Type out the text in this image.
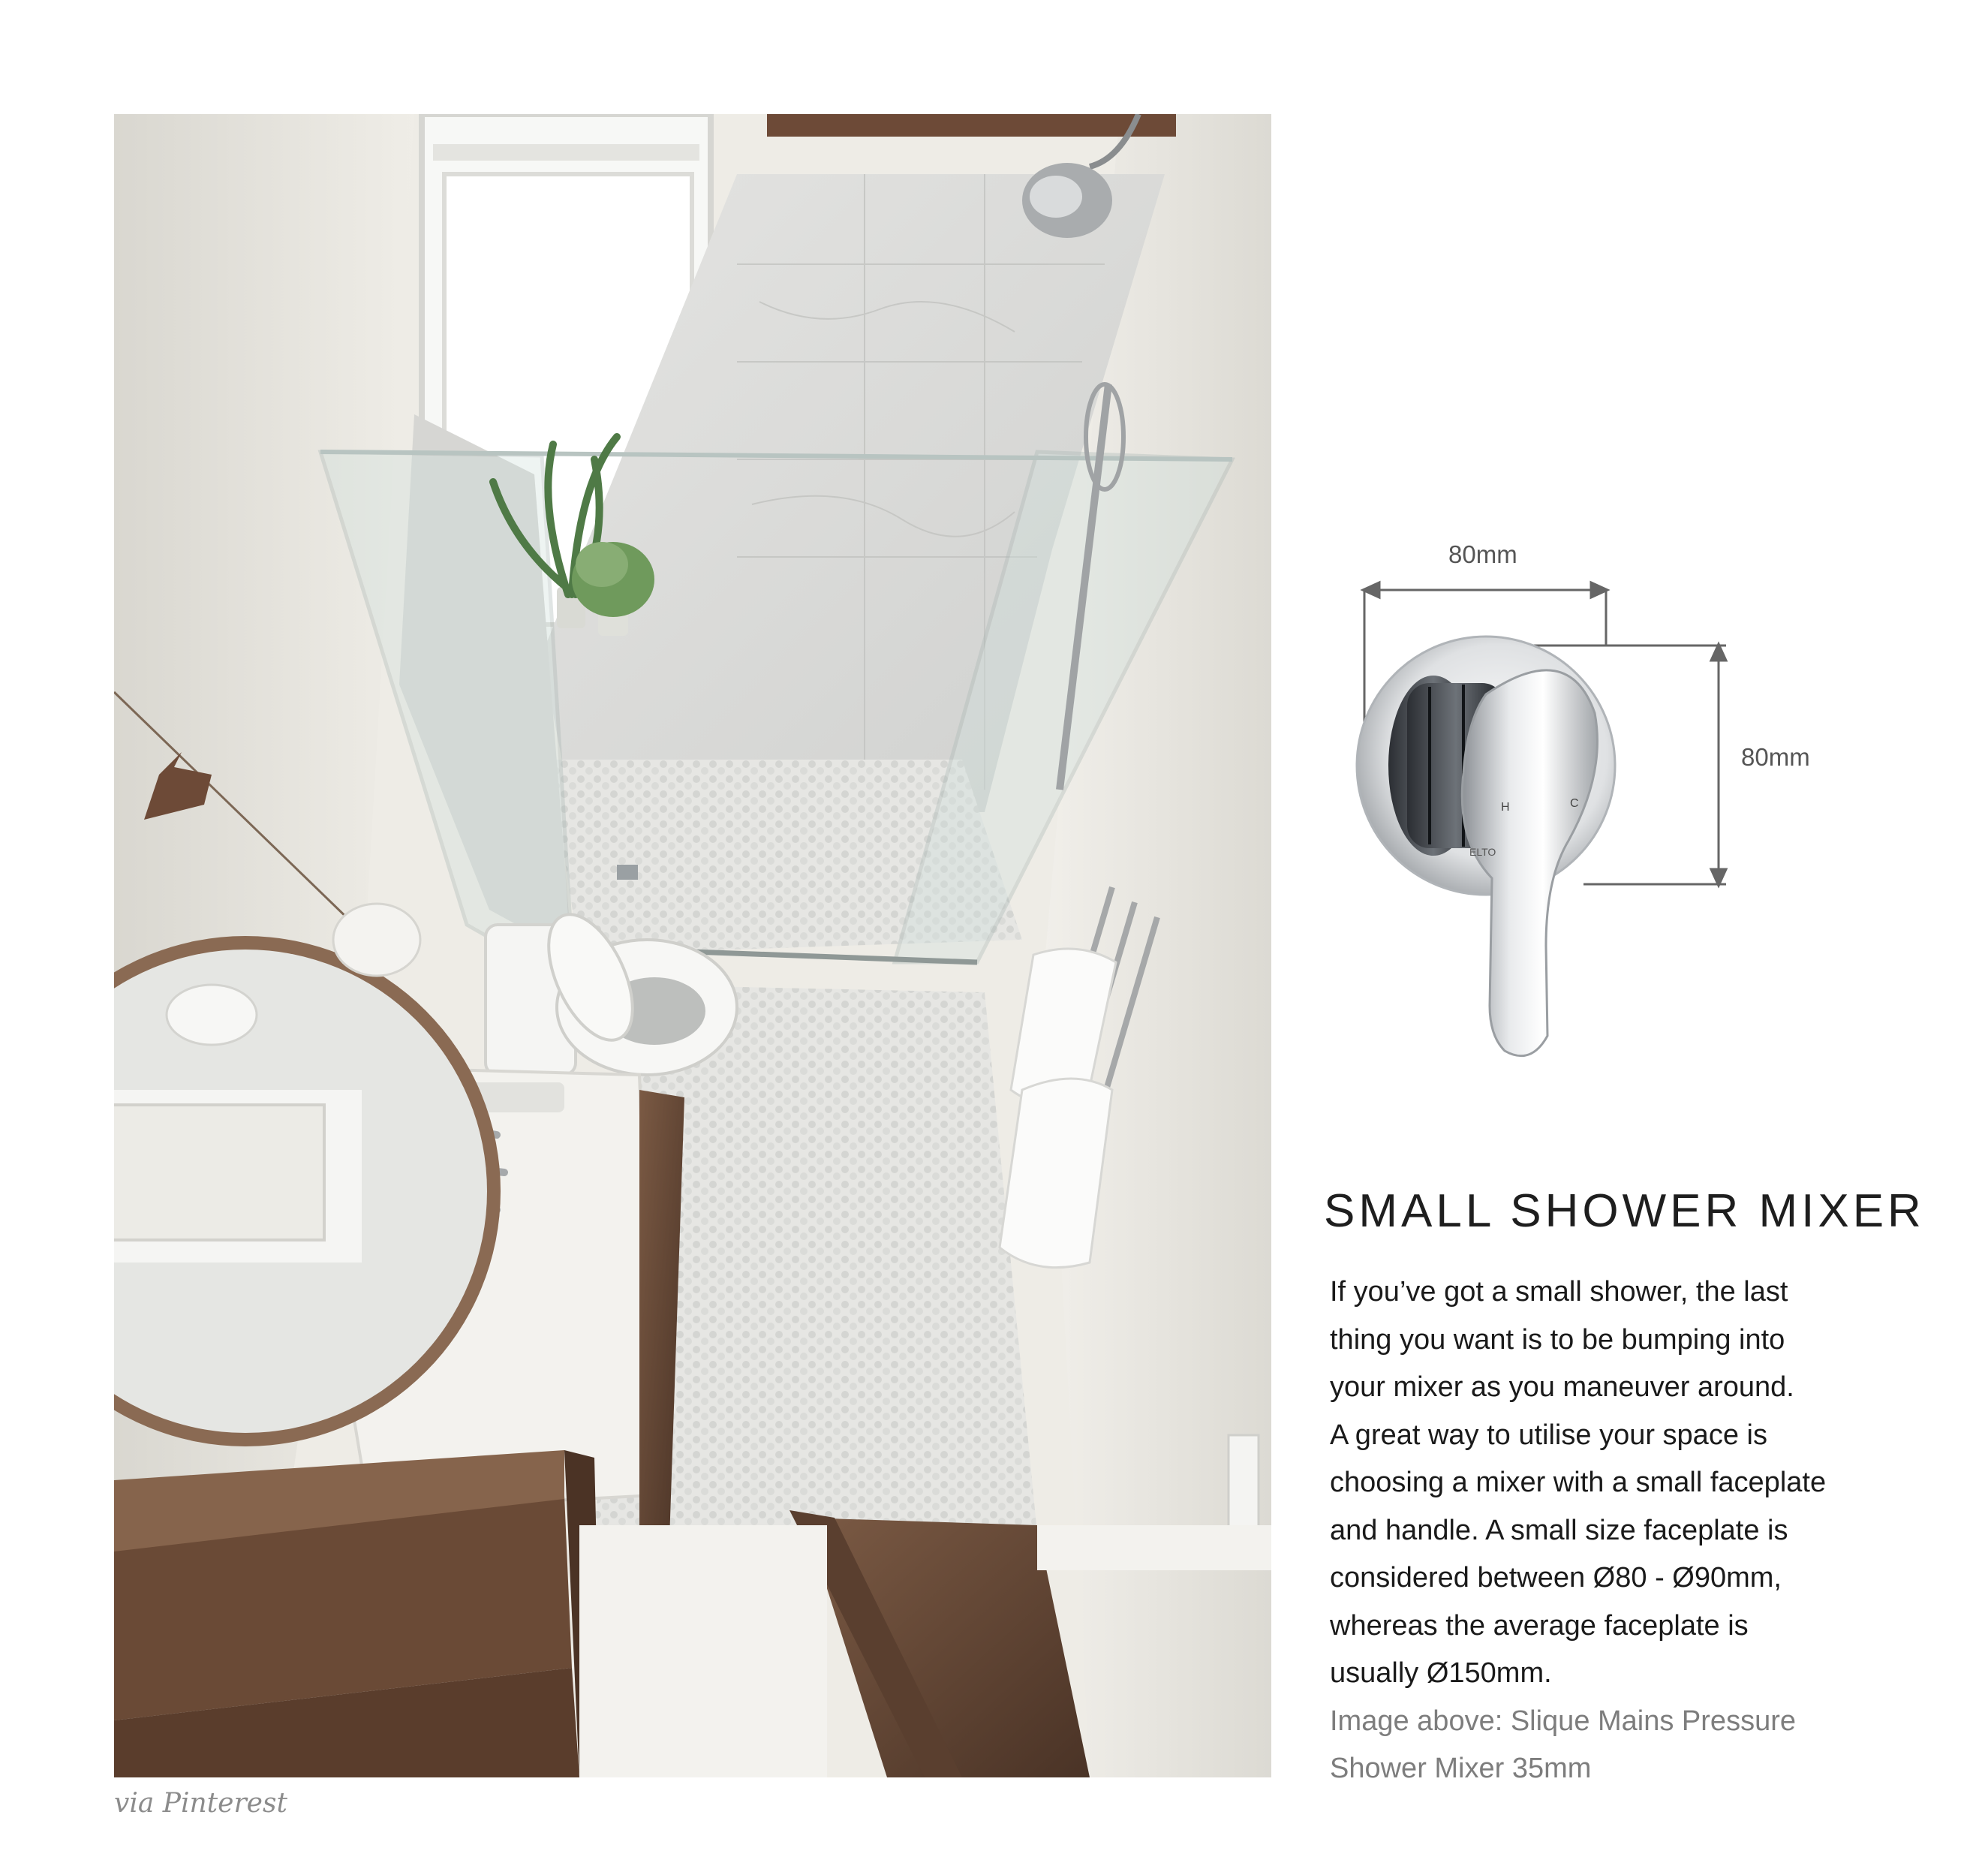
via Pinterest
H	C
ELTO
80mm
80mm
SMALL SHOWER MIXER
If you’ve got a small shower, the last
thing you want is to be bumping into
your mixer as you maneuver around.
A great way to utilise your space is
choosing a mixer with a small faceplate
and handle. A small size faceplate is
considered between Ø80 - Ø90mm,
whereas the average faceplate is
usually Ø150mm.
Image above: Slique Mains Pressure
Shower Mixer 35mm
